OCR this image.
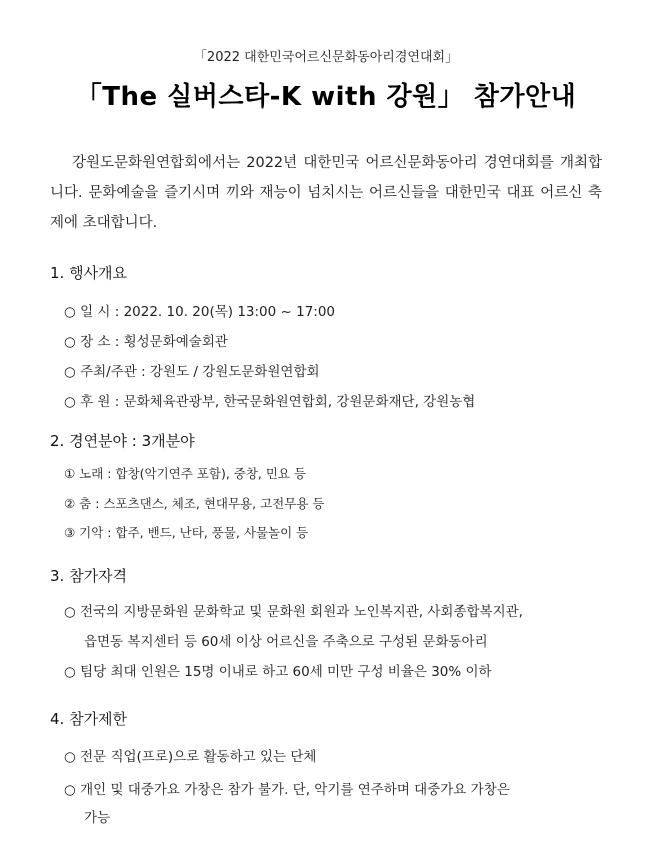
「2022 대한민국어르신문화동아리경연대회」
「The 실버스타-K with 강원」 참가안내
강원도문화원연합회에서는 2022년 대한민국 어르신문화동아리 경연대회를 개최합니다. 문화예술을 즐기시며 끼와 재능이 넘치시는 어르신들을 대한민국 대표 어르신 축제에 초대합니다.
1. 행사개요
○ 일 시 : 2022. 10. 20(목) 13:00 ~ 17:00
○ 장 소 : 횡성문화예술회관
○ 주최/주관 : 강원도 / 강원도문화원연합회
○ 후 원 : 문화체육관광부, 한국문화원연합회, 강원문화재단, 강원농협
2. 경연분야 : 3개분야
① 노래 : 합창(악기연주 포함), 중창, 민요 등
② 춤 : 스포츠댄스, 체조, 현대무용, 고전무용 등
③ 기악 : 합주, 밴드, 난타, 풍물, 사물놀이 등
3. 참가자격
○ 전국의 지방문화원 문화학교 및 문화원 회원과 노인복지관, 사회종합복지관,
읍면동 복지센터 등 60세 이상 어르신을 주축으로 구성된 문화동아리
○ 팀당 최대 인원은 15명 이내로 하고 60세 미만 구성 비율은 30% 이하
4. 참가제한
○ 전문 직업(프로)으로 활동하고 있는 단체
○ 개인 및 대중가요 가창은 참가 불가. 단, 악기를 연주하며 대중가요 가창은
가능
